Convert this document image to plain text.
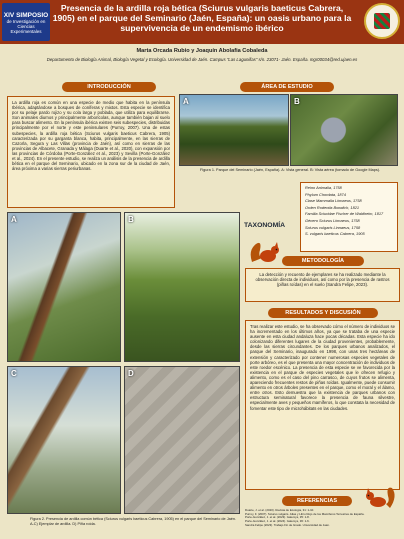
XIV SIMPOSIO
de Investigación en Ciencias Experimentales
Presencia de la ardilla roja bética (Sciurus vulgaris baeticus Cabrera, 1905) en el parque del Seminario (Jaén, España): un oasis urbano para la supervivencia de un endemismo ibérico
Marta Orcada Rubio y Joaquín Abolafia Cobaleda
Departamento de Biología Animal, Biología Vegetal y Ecología. Universidad de Jaén. Campus "Las Lagunillas" s/n. 23071- Jaén. España. mgr00034@red.ujaen.es
INTRODUCCIÓN
La ardilla roja es común en una especie de medio que habita en la península Ibérica, adaptándose a bosques de coníferas y mixtos. Esta especie se identifica por su pelaje pardo rojizo y su cola larga y poblada, que utiliza para equilibrarse. Son animales diurnos y principalmente arborícolas, aunque también bajan al suelo para buscar alimento. En la península ibérica existen seis subespecies, distribuidas principalmente por el norte y este peninsulares (Purroy, 2007). Una de estas subespecies, la ardilla roja bética (Sciurus vulgaris baeticus Cabrera, 1905) caracterizada por su garganta blanca, habita, principalmente, en las sierras de Cazorla, Segura y Las Villas (provincia de Jaén), así como en sierras de las provincias de Albacete, Granada y Málaga (Duarte et al., 2020), con expansión por las provincias de Córdoba (Porte-González et al., 2023) y Sevilla (Porte-González et al., 2024). En el presente estudio, se realiza un análisis de la presencia de ardilla bética en el parque del Seminario, ubicado en la zona sur de la ciudad de Jaén, área próxima a varias sierras periurbanas.
ÁREA DE ESTUDIO
A	B
Figura 1. Parque del Seminario (Jaén, España). A: Vista general. B: Vista aérea (tomado de Google Maps).
TAXONOMÍA
Reino Animalia, 1758
Phylum Chordata, 1874
Clase Mammalia Linnaeus, 1758
Orden Rodentia Bowdich, 1821
Familia Sciuridae Fischer de Waldheim, 1817
Género Sciurus Linnaeus, 1758
Sciurus vulgaris Linnaeus, 1758
S. vulgaris baeticus Cabrera, 1905
METODOLOGÍA
La detección y recuento de ejemplares se ha realizado mediante la observación directa de individuos, así como por la presencia de rastros (piñas roídas) en el suelo (Sandra Felipe, 2023).
RESULTADOS Y DISCUSIÓN
Tras realizar este estudio, se ha observado cómo el número de individuos se ha incrementado en los últimos años, ya que se trataba de una especie ausente en esta ciudad andaluza hace pocas décadas. Esta especie ha ido colonizando diferentes lugares de la ciudad provenientes, probablemente, desde las sierras circundantes. De los parques urbanos analizados, el parque del Seminario, inaugurado en 1998, con unas tres hectáreas de extensión y caracterizado por contener numerosas especies vegetales de porte arbóreo, es el que presenta una mayor concentración de individuos de este roedor escénico. La presencia de esta especie se ve favorecida por la existencia en el parque de especies vegetales que le ofrecen refugio y alimento, como es el caso del pino carrasco, de cuyos frutos se alimenta, apareciendo frecuentes restos de piñas roídas. Igualmente, puede consumir alimento en otros árboles presentes en el parque, como el moral y el álamo, entre otros. Esto demuestra que la existencia de parques urbanos con estructura seminatural favorece la presencia de fauna silvestre, especialmente aves y pequeños mamíferos, lo que constata la necesidad de fomentar este tipo de microhábitats en las ciudades.
REFERENCIAS
Duarte, J. et al. (2020). Revista de Ecología, 31: 1-10.
Purroy, F. (2007). Sciurus vulgaris. Atlas y Libro Rojo de los Mamíferos Terrestres de España.
Porte-González, J. et al. (2023). Galemys, 35: 1-8.
Porte-González, J. et al. (2024). Galemys, 36: 1-6.
Sandra Felipe (2023). Trabajo Fin de Grado. Universidad de Jaén.
A	B
C	D
Figura 2. Presencia de ardilla común bética (Sciurus vulgaris baeticus Cabrera, 1905) en el parque del Seminario de Jaén. A-C) Ejemplar de ardilla. D) Piña roída.
